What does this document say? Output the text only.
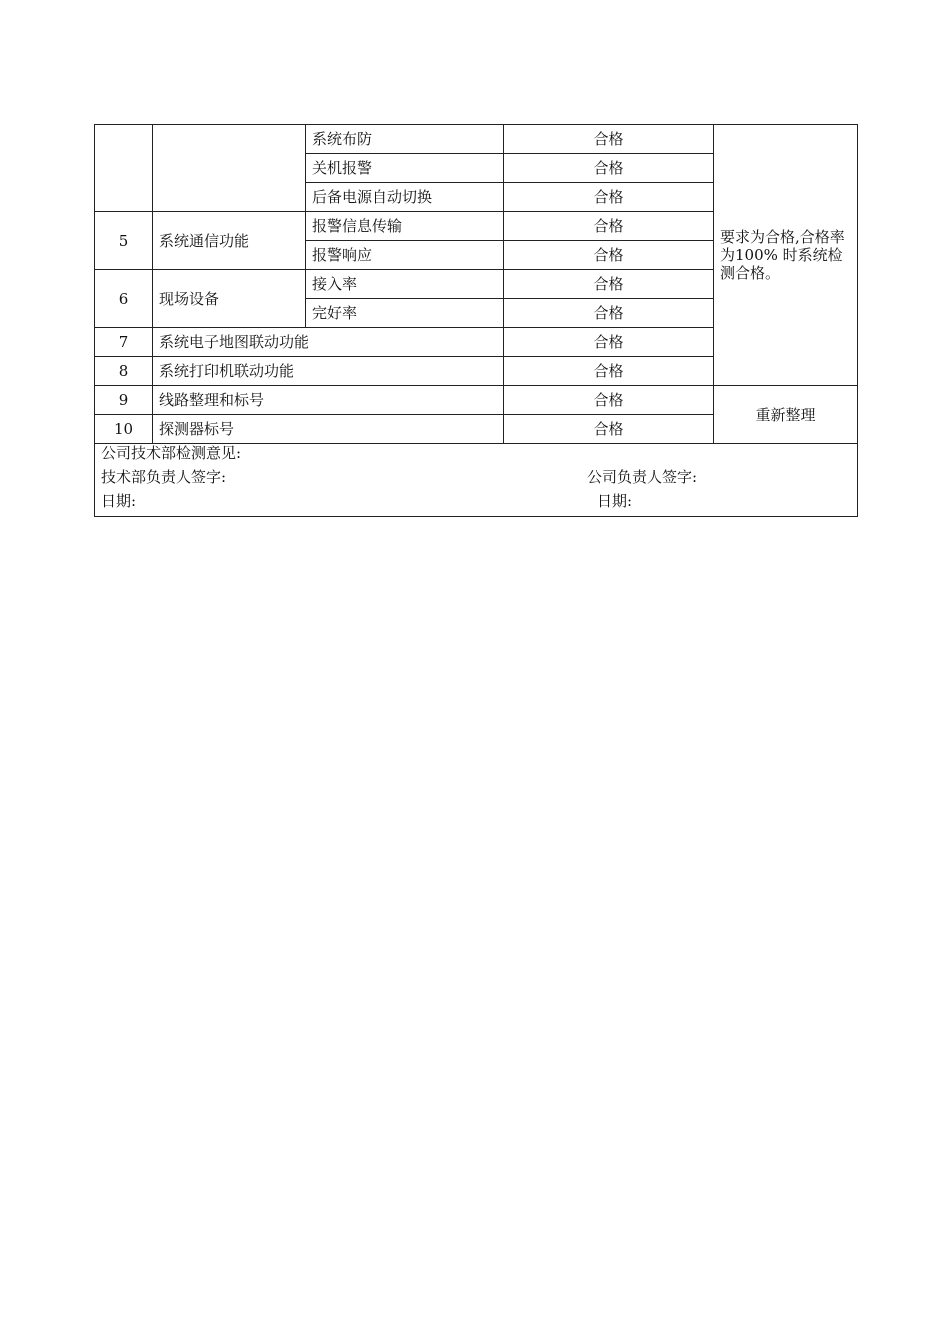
		系统布防	合格	要求为合格,合格率为100% 时系统检测合格。
		关机报警	合格	
		后备电源自动切换	合格	
5	系统通信功能	报警信息传输	合格	
		报警响应	合格	
6	现场设备	接入率	合格	
		完好率	合格	
7	系统电子地图联动功能		合格	
8	系统打印机联动功能		合格	
9	线路整理和标号		合格	重新整理
10	探测器标号		合格	

公司技术部检测意见:
技术部负责人签字: 公司负责人签字:
日期: 日期:				
